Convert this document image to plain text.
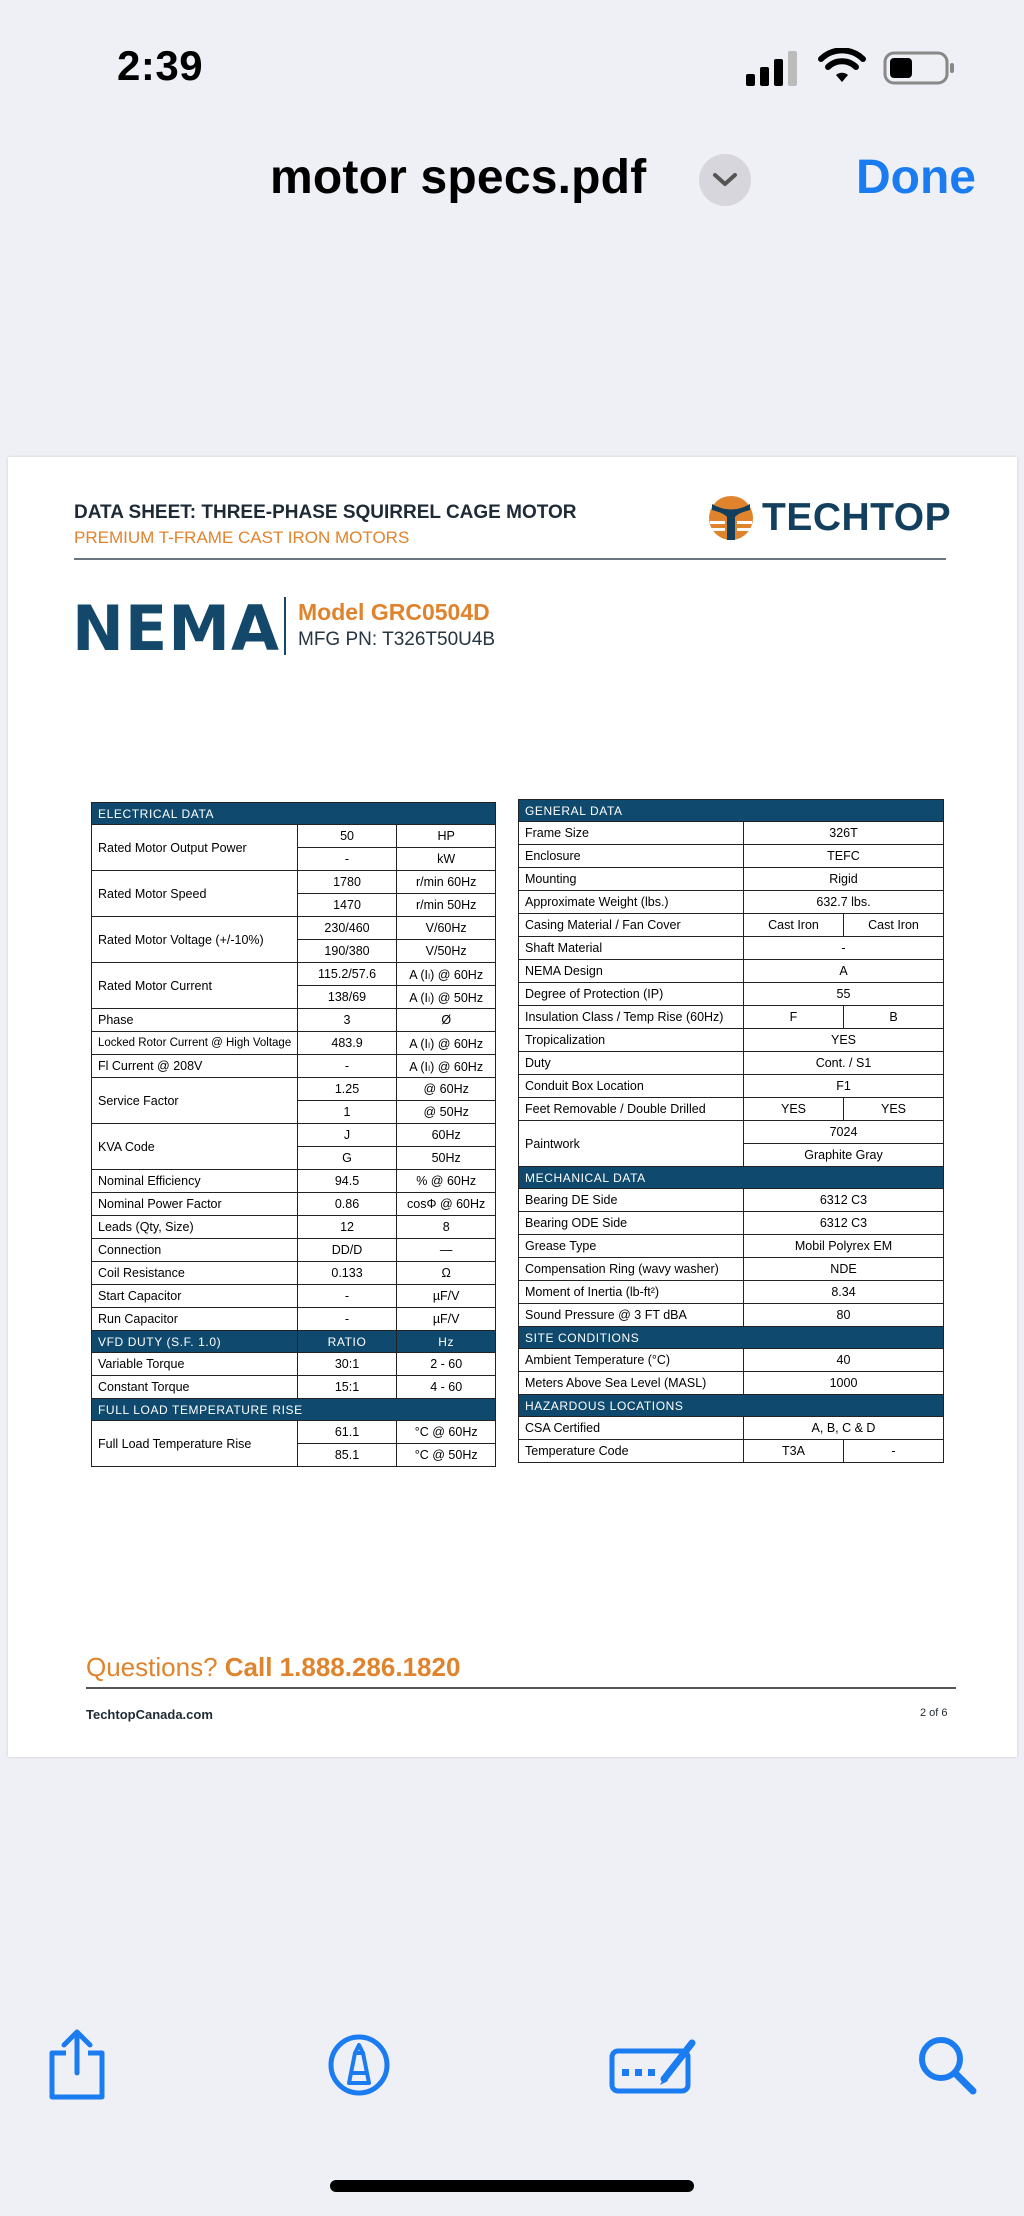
2:39
motor specs.pdf	Done
DATA SHEET: THREE-PHASE SQUIRREL CAGE MOTOR
PREMIUM T-FRAME CAST IRON MOTORS	TECHTOP
NEMA Model GRC0504D
MFG PN: T326T50U4B
ELECTRICAL DATA		
Rated Motor Output Power	50	HP
	-	kW
Rated Motor Speed	1780	r/min 60Hz
	1470	r/min 50Hz
Rated Motor Voltage (+/-10%)	230/460	V/60Hz
	190/380	V/50Hz
Rated Motor Current	115.2/57.6	A (Iₗ) @ 60Hz
	138/69	A (Iₗ) @ 50Hz
Phase	3	Ø
Locked Rotor Current @ High Voltage	483.9	A (Iₗ) @ 60Hz
Fl Current @ 208V	-	A (Iₗ) @ 60Hz
Service Factor	1.25	@ 60Hz
	1	@ 50Hz
KVA Code	J	60Hz
	G	50Hz
Nominal Efficiency	94.5	% @ 60Hz
Nominal Power Factor	0.86	cosΦ @ 60Hz
Leads (Qty, Size)	12	8
Connection	DD/D	—
Coil Resistance	0.133	Ω
Start Capacitor	-	µF/V
Run Capacitor	-	µF/V
VFD DUTY (S.F. 1.0)	RATIO	Hz
Variable Torque	30:1	2 - 60
Constant Torque	15:1	4 - 60
FULL LOAD TEMPERATURE RISE		
Full Load Temperature Rise	61.1	°C @ 60Hz
	85.1	°C @ 50Hz
GENERAL DATA		
Frame Size	326T	
Enclosure	TEFC	
Mounting	Rigid	
Approximate Weight (lbs.)	632.7 lbs.	
Casing Material / Fan Cover	Cast Iron	Cast Iron
Shaft Material	-	
NEMA Design	A	
Degree of Protection (IP)	55	
Insulation Class / Temp Rise (60Hz)	F	B
Tropicalization	YES	
Duty	Cont. / S1	
Conduit Box Location	F1	
Feet Removable / Double Drilled	YES	YES
Paintwork	7024	
	Graphite Gray	
MECHANICAL DATA		
Bearing DE Side	6312 C3	
Bearing ODE Side	6312 C3	
Grease Type	Mobil Polyrex EM	
Compensation Ring (wavy washer)	NDE	
Moment of Inertia (lb-ft²)	8.34	
Sound Pressure @ 3 FT dBA	80	
SITE CONDITIONS		
Ambient Temperature (°C)	40	
Meters Above Sea Level (MASL)	1000	
HAZARDOUS LOCATIONS		
CSA Certified	A, B, C & D	
Temperature Code	T3A	-
Questions? Call 1.888.286.1820
TechtopCanada.com	2 of 6
